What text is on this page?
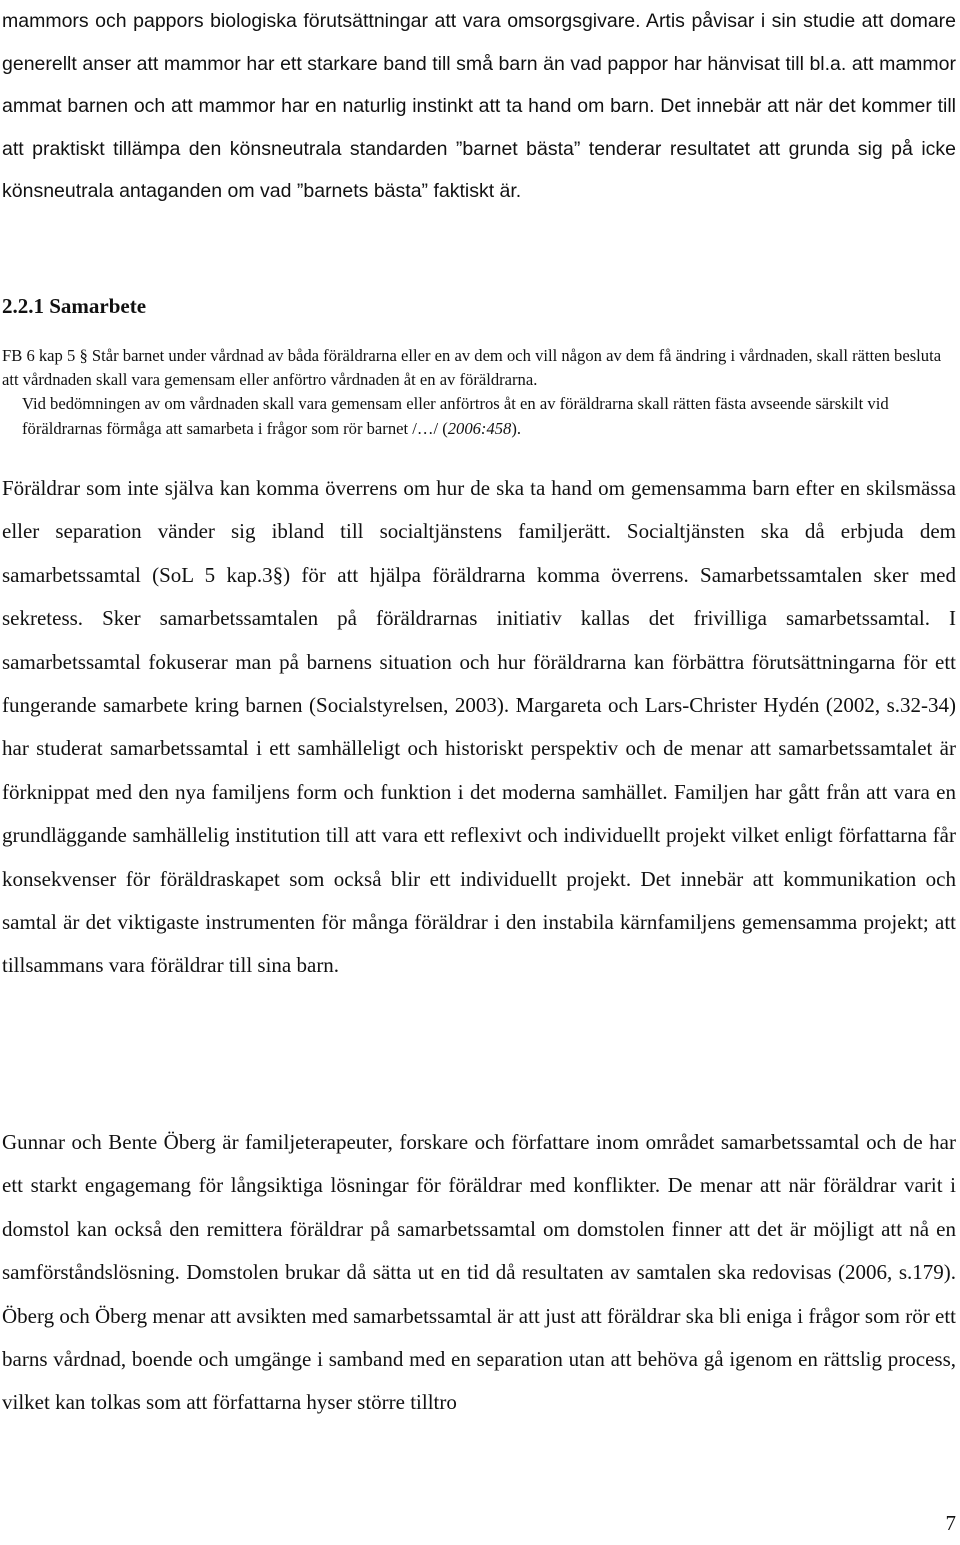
mammors och pappors biologiska förutsättningar att vara omsorgsgivare. Artis påvisar i sin studie att domare generellt anser att mammor har ett starkare band till små barn än vad pappor har hänvisat till bl.a. att mammor ammat barnen och att mammor har en naturlig instinkt att ta hand om barn. Det innebär att när det kommer till att praktiskt tillämpa den könsneutrala standarden ”barnet bästa” tenderar resultatet att grunda sig på icke könsneutrala antaganden om vad ”barnets bästa” faktiskt är.

2.2.1 Samarbete
FB 6 kap 5 § Står barnet under vårdnad av båda föräldrarna eller en av dem och vill någon av dem få ändring i vårdnaden, skall rätten besluta att vårdnaden skall vara gemensam eller anförtro vårdnaden åt en av föräldrarna.
Vid bedömningen av om vårdnaden skall vara gemensam eller anförtros åt en av föräldrarna skall rätten fästa avseende särskilt vid föräldrarnas förmåga att samarbeta i frågor som rör barnet /…/ (2006:458).

Föräldrar som inte själva kan komma överrens om hur de ska ta hand om gemensamma barn efter en skilsmässa eller separation vänder sig ibland till socialtjänstens familjerätt. Socialtjänsten ska då erbjuda dem samarbetssamtal (SoL 5 kap.3§) för att hjälpa föräldrarna komma överrens. Samarbetssamtalen sker med sekretess. Sker samarbetssamtalen på föräldrarnas initiativ kallas det frivilliga samarbetssamtal. I samarbetssamtal fokuserar man på barnens situation och hur föräldrarna kan förbättra förutsättningarna för ett fungerande samarbete kring barnen (Socialstyrelsen, 2003). Margareta och Lars-Christer Hydén (2002, s.32-34) har studerat samarbetssamtal i ett samhälleligt och historiskt perspektiv och de menar att samarbetssamtalet är förknippat med den nya familjens form och funktion i det moderna samhället. Familjen har gått från att vara en grundläggande samhällelig institution till att vara ett reflexivt och individuellt projekt vilket enligt författarna får konsekvenser för föräldraskapet som också blir ett individuellt projekt. Det innebär att kommunikation och samtal är det viktigaste instrumenten för många föräldrar i den instabila kärnfamiljens gemensamma projekt; att tillsammans vara föräldrar till sina barn.

Gunnar och Bente Öberg är familjeterapeuter, forskare och författare inom området samarbetssamtal och de har ett starkt engagemang för långsiktiga lösningar för föräldrar med konflikter. De menar att när föräldrar varit i domstol kan också den remittera föräldrar på samarbetssamtal om domstolen finner att det är möjligt att nå en samförståndslösning. Domstolen brukar då sätta ut en tid då resultaten av samtalen ska redovisas (2006, s.179). Öberg och Öberg menar att avsikten med samarbetssamtal är att just att föräldrar ska bli eniga i frågor som rör ett barns vårdnad, boende och umgänge i samband med en separation utan att behöva gå igenom en rättslig process, vilket kan tolkas som att författarna hyser större tilltro

7
